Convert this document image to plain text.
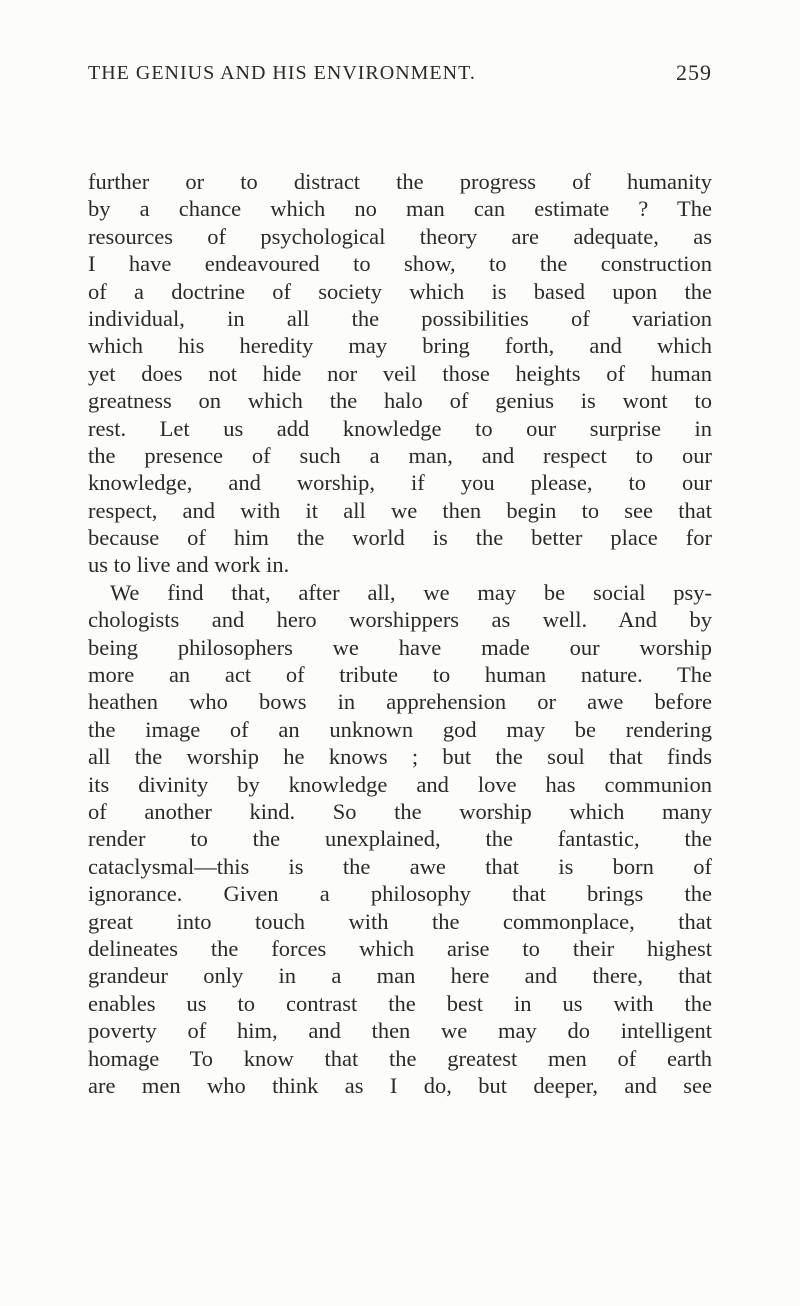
THE GENIUS AND HIS ENVIRONMENT.	259
further or to distract the progress of humanity
by a chance which no man can estimate ? The
resources of psychological theory are adequate, as
I have endeavoured to show, to the construction
of a doctrine of society which is based upon the
individual, in all the possibilities of variation
which his heredity may bring forth, and which
yet does not hide nor veil those heights of human
greatness on which the halo of genius is wont to
rest. Let us add knowledge to our surprise in
the presence of such a man, and respect to our
knowledge, and worship, if you please, to our
respect, and with it all we then begin to see that
because of him the world is the better place for
us to live and work in.
We find that, after all, we may be social psy-
chologists and hero worshippers as well. And by
being philosophers we have made our worship
more an act of tribute to human nature. The
heathen who bows in apprehension or awe before
the image of an unknown god may be rendering
all the worship he knows ; but the soul that finds
its divinity by knowledge and love has communion
of another kind. So the worship which many
render to the unexplained, the fantastic, the
cataclysmal—this is the awe that is born of
ignorance. Given a philosophy that brings the
great into touch with the commonplace, that
delineates the forces which arise to their highest
grandeur only in a man here and there, that
enables us to contrast the best in us with the
poverty of him, and then we may do intelligent
homage To know that the greatest men of earth
are men who think as I do, but deeper, and see
